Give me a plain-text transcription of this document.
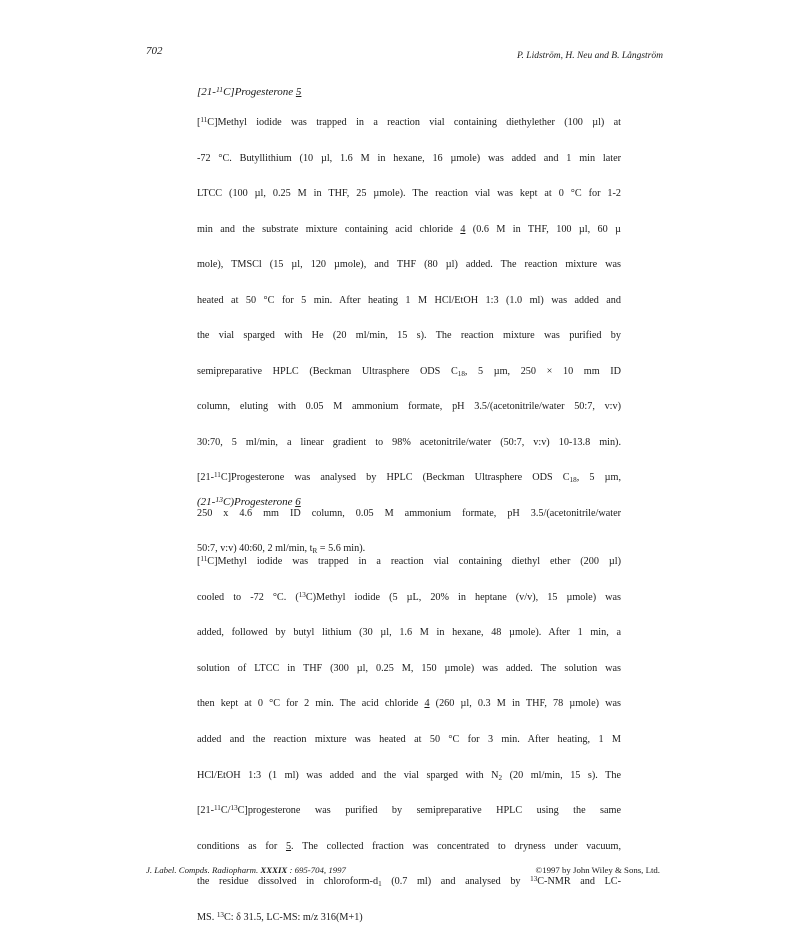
702	P. Lidström, H. Neu and B. Långström
[21-$^{11}$C]Progesterone 5
[$^{11}$C]Methyl iodide was trapped in a reaction vial containing diethylether (100 µl) at
-72 °C. Butyllithium (10 µl, 1.6 M in hexane, 16 µmole) was added and 1 min later
LTCC (100 µl, 0.25 M in THF, 25 µmole). The reaction vial was kept at 0 °C for 1-2
min and the substrate mixture containing acid chloride 4 (0.6 M in THF, 100 µl, 60 µ
mole), TMSCl (15 µl, 120 µmole), and THF (80 µl) added. The reaction mixture was
heated at 50 °C for 5 min. After heating 1 M HCl/EtOH 1:3 (1.0 ml) was added and
the vial sparged with He (20 ml/min, 15 s). The reaction mixture was purified by
semipreparative HPLC (Beckman Ultrasphere ODS $C_{18}$, 5 µm, 250 × 10 mm ID
column, eluting with 0.05 M ammonium formate, pH 3.5/(acetonitrile/water 50:7, v:v)
30:70, 5 ml/min, a linear gradient to 98% acetonitrile/water (50:7, v:v) 10-13.8 min).
[21-$^{11}$C]Progesterone was analysed by HPLC (Beckman Ultrasphere ODS $C_{18}$, 5 µm,
250 x 4.6 mm ID column, 0.05 M ammonium formate, pH 3.5/(acetonitrile/water
50:7, v:v) 40:60, 2 ml/min, $t_R = 5.6$ min).
(21-$^{13}$C)Progesterone 6
[$^{11}$C]Methyl iodide was trapped in a reaction vial containing diethyl ether (200 µl)
cooled to -72 °C. ($^{13}$C)Methyl iodide (5 µL, 20% in heptane (v/v), 15 µmole) was
added, followed by butyl lithium (30 µl, 1.6 M in hexane, 48 µmole). After 1 min, a
solution of LTCC in THF (300 µl, 0.25 M, 150 µmole) was added. The solution was
then kept at 0 °C for 2 min. The acid chloride 4 (260 µl, 0.3 M in THF, 78 µmole) was
added and the reaction mixture was heated at 50 °C for 3 min. After heating, 1 M
HCl/EtOH 1:3 (1 ml) was added and the vial sparged with $N_2$ (20 ml/min, 15 s). The
[21-$^{11}$C/$^{13}$C]progesterone was purified by semipreparative HPLC using the same
conditions as for 5. The collected fraction was concentrated to dryness under vacuum,
the residue dissolved in chloroform-$d_1$ (0.7 ml) and analysed by $^{13}$C-NMR and LC-
MS. $^{13}$C: δ 31.5, LC-MS: m/z 316(M+1)
J. Label. Compds. Radiopharm. XXXIX : 695-704, 1997	©1997 by John Wiley & Sons, Ltd.
